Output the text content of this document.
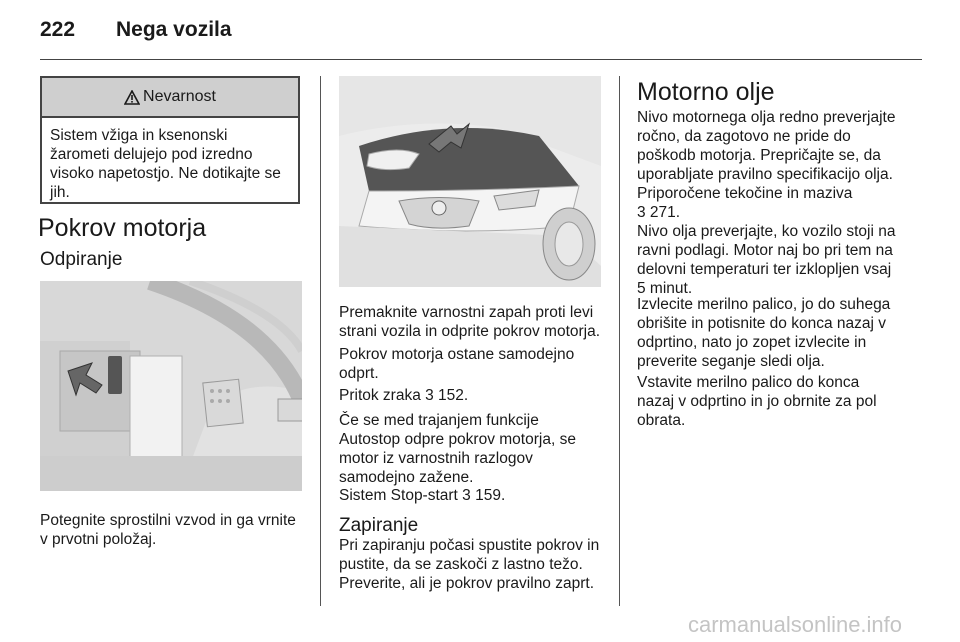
222 Nega vozila
Nevarnost
Sistem vžiga in ksenonski
žarometi delujejo pod izredno
visoko napetostjo. Ne dotikajte se
jih.
Pokrov motorja
Odpiranje
Potegnite sprostilni vzvod in ga vrnite
v prvotni položaj.
Premaknite varnostni zapah proti levi
strani vozila in odprite pokrov motorja.
Pokrov motorja ostane samodejno
odprt.
Pritok zraka 3 152.
Če se med trajanjem funkcije
Autostop odpre pokrov motorja, se
motor iz varnostnih razlogov
samodejno zažene.
Sistem Stop-start 3 159.
Zapiranje
Pri zapiranju počasi spustite pokrov in
pustite, da se zaskoči z lastno težo.
Preverite, ali je pokrov pravilno zaprt.
Motorno olje
Nivo motornega olja redno preverjajte
ročno, da zagotovo ne pride do
poškodb motorja. Prepričajte se, da
uporabljate pravilno specifikacijo olja.
Priporočene tekočine in maziva
3 271.
Nivo olja preverjajte, ko vozilo stoji na
ravni podlagi. Motor naj bo pri tem na
delovni temperaturi ter izklopljen vsaj
5 minut.
Izvlecite merilno palico, jo do suhega
obrišite in potisnite do konca nazaj v
odprtino, nato jo zopet izvlecite in
preverite seganje sledi olja.
Vstavite merilno palico do konca
nazaj v odprtino in jo obrnite za pol
obrata.
carmanualsonline.info
